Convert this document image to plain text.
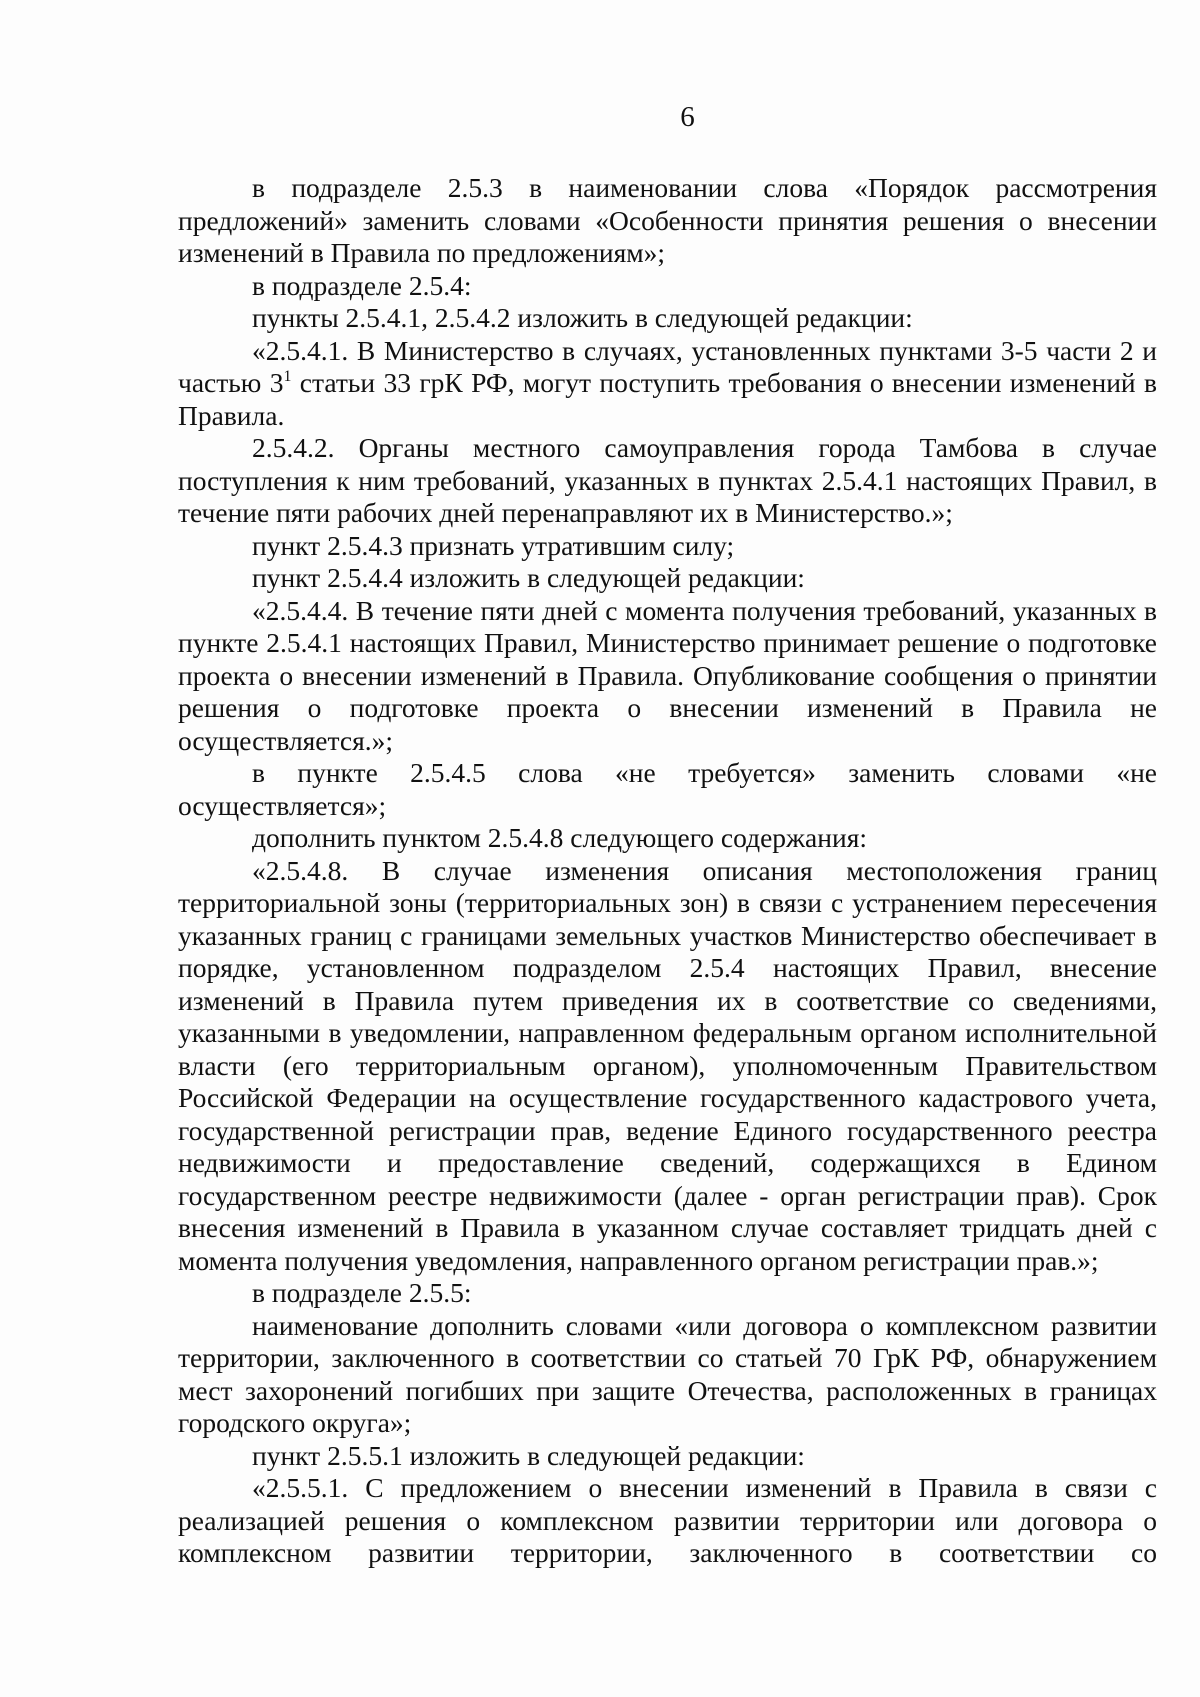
6

в подразделе 2.5.3 в наименовании слова «Порядок рассмотрения предложений» заменить словами «Особенности принятия решения о внесении изменений в Правила по предложениям»;

в подразделе 2.5.4:

пункты 2.5.4.1, 2.5.4.2 изложить в следующей редакции:

«2.5.4.1. В Министерство в случаях, установленных пунктами 3-5 части 2 и частью $3^1$ статьи 33 грК РФ, могут поступить требования о внесении изменений в Правила.

2.5.4.2. Органы местного самоуправления города Тамбова в случае поступления к ним требований, указанных в пунктах 2.5.4.1 настоящих Правил, в течение пяти рабочих дней перенаправляют их в Министерство.»;

пункт 2.5.4.3 признать утратившим силу;

пункт 2.5.4.4 изложить в следующей редакции:

«2.5.4.4. В течение пяти дней с момента получения требований, указанных в пункте 2.5.4.1 настоящих Правил, Министерство принимает решение о подготовке проекта о внесении изменений в Правила. Опубликование сообщения о принятии решения о подготовке проекта о внесении изменений в Правила не осуществляется.»;

в пункте 2.5.4.5 слова «не требуется» заменить словами «не осуществляется»;

дополнить пунктом 2.5.4.8 следующего содержания:

«2.5.4.8. В случае изменения описания местоположения границ территориальной зоны (территориальных зон) в связи с устранением пересечения указанных границ с границами земельных участков Министерство обеспечивает в порядке, установленном подразделом 2.5.4 настоящих Правил, внесение изменений в Правила путем приведения их в соответствие со сведениями, указанными в уведомлении, направленном федеральным органом исполнительной власти (его территориальным органом), уполномоченным Правительством Российской Федерации на осуществление государственного кадастрового учета, государственной регистрации прав, ведение Единого государственного реестра недвижимости и предоставление сведений, содержащихся в Едином государственном реестре недвижимости (далее - орган регистрации прав). Срок внесения изменений в Правила в указанном случае составляет тридцать дней с момента получения уведомления, направленного органом регистрации прав.»;

в подразделе 2.5.5:

наименование дополнить словами «или договора о комплексном развитии территории, заключенного в соответствии со статьей 70 ГрК РФ, обнаружением мест захоронений погибших при защите Отечества, расположенных в границах городского округа»;

пункт 2.5.5.1 изложить в следующей редакции:

«2.5.5.1. С предложением о внесении изменений в Правила в связи с реализацией решения о комплексном развитии территории или договора о комплексном развитии территории, заключенного в соответствии со
